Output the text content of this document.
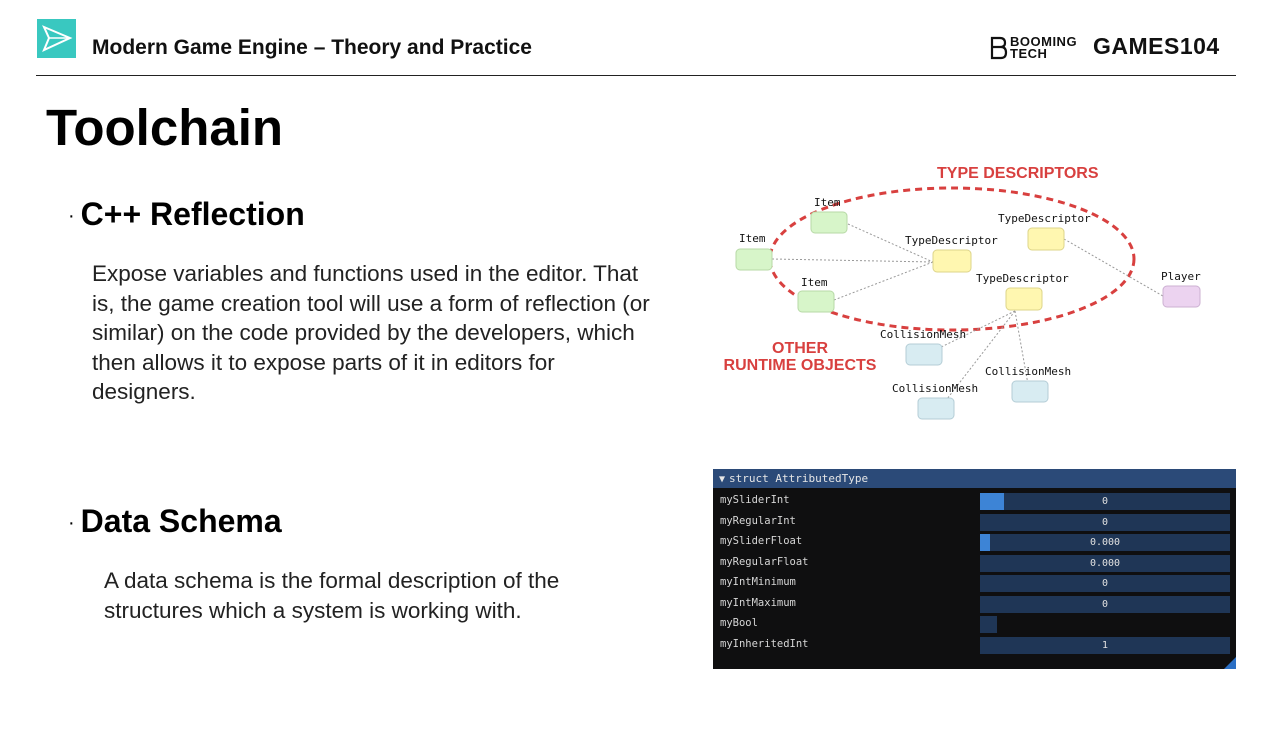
Modern Game Engine – Theory and Practice	BOOMING
TECH GAMES104
Toolchain
· C++ Reflection
Expose variables and functions used in the editor. That is, the game creation tool will use a form of reflection (or similar) on the code provided by the developers, which then allows it to expose parts of it in editors for designers.
· Data Schema
A data schema is the formal description of the structures which a system is working with.
TYPE DESCRIPTORS
OTHER
RUNTIME OBJECTS
Item
Item
Item
TypeDescriptor
TypeDescriptor
TypeDescriptor	Player
CollisionMesh
CollisionMesh
CollisionMesh
▼ struct AttributedType
mySliderInt	0
myRegularInt	0
mySliderFloat	0.000
myRegularFloat	0.000
myIntMinimum	0
myIntMaximum	0
myBool
myInheritedInt	1
